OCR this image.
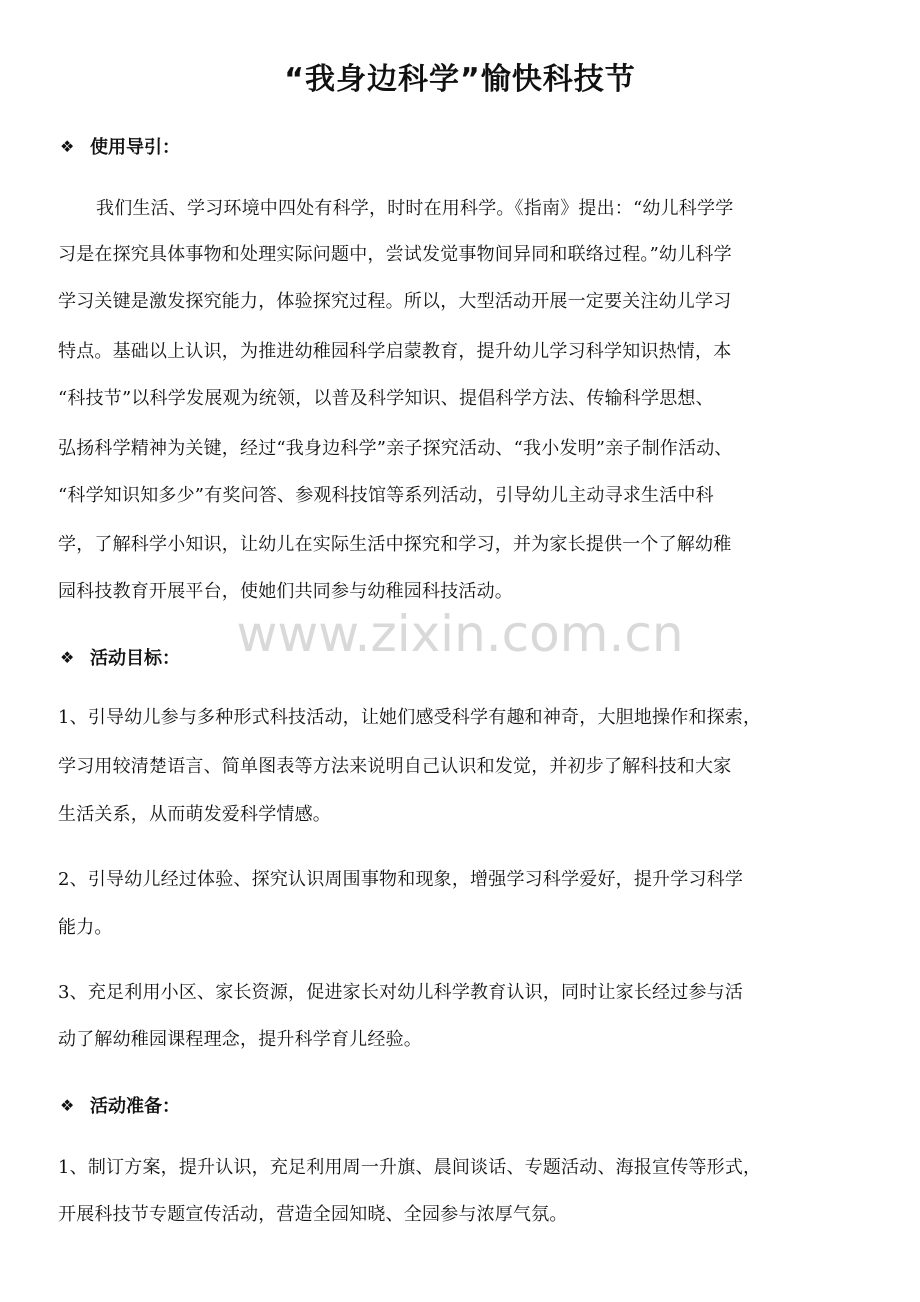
“我身边科学”愉快科技节
❖ 使用导引：
我们生活、学习环境中四处有科学，时时在用科学。《指南》提出：“幼儿科学学
习是在探究具体事物和处理实际问题中，尝试发觉事物间异同和联络过程。”幼儿科学
学习关键是激发探究能力，体验探究过程。所以，大型活动开展一定要关注幼儿学习
特点。基础以上认识，为推进幼稚园科学启蒙教育，提升幼儿学习科学知识热情，本
“科技节”以科学发展观为统领，以普及科学知识、提倡科学方法、传输科学思想、
弘扬科学精神为关键，经过“我身边科学”亲子探究活动、“我小发明”亲子制作活动、
“科学知识知多少”有奖问答、参观科技馆等系列活动，引导幼儿主动寻求生活中科
学，了解科学小知识，让幼儿在实际生活中探究和学习，并为家长提供一个了解幼稚
园科技教育开展平台，使她们共同参与幼稚园科技活动。
www.zixin.com.cn
❖ 活动目标：
1、引导幼儿参与多种形式科技活动，让她们感受科学有趣和神奇，大胆地操作和探索，
学习用较清楚语言、简单图表等方法来说明自己认识和发觉，并初步了解科技和大家
生活关系，从而萌发爱科学情感。
2、引导幼儿经过体验、探究认识周围事物和现象，增强学习科学爱好，提升学习科学
能力。
3、充足利用小区、家长资源，促进家长对幼儿科学教育认识，同时让家长经过参与活
动了解幼稚园课程理念，提升科学育儿经验。
❖ 活动准备：
1、制订方案，提升认识，充足利用周一升旗、晨间谈话、专题活动、海报宣传等形式，
开展科技节专题宣传活动，营造全园知晓、全园参与浓厚气氛。
